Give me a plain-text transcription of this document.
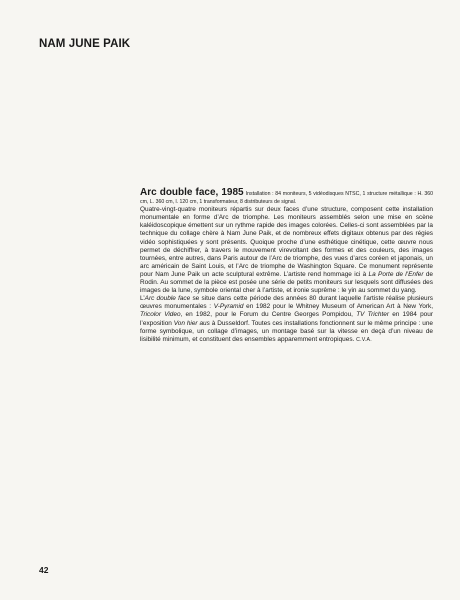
NAM JUNE PAIK

Arc double face, 1985 Installation : 84 moniteurs, 5 vidéodisques NTSC, 1 structure métallique : H. 360 cm, L. 360 cm, l. 120 cm, 1 transformateur, 8 distributeurs de signal.

Quatre-vingt-quatre moniteurs répartis sur deux faces d’une structure, composent cette installation monumentale en forme d’Arc de triomphe. Les moniteurs assemblés selon une mise en scène kaléidoscopique émettent sur un rythme rapide des images colorées. Celles-ci sont assemblées par la technique du collage chère à Nam June Paik, et de nombreux effets digitaux obtenus par des régies vidéo sophistiquées y sont présents. Quoique proche d’une esthétique cinétique, cette œuvre nous permet de déchiffrer, à travers le mouvement virevoltant des formes et des couleurs, des images tournées, entre autres, dans Paris autour de l’Arc de triomphe, des vues d’arcs coréen et japonais, un arc américain de Saint Louis, et l’Arc de triomphe de Washington Square. Ce monument représente pour Nam June Paik un acte sculptural extrême. L’artiste rend hommage ici à La Porte de l’Enfer de Rodin. Au sommet de la pièce est posée une série de petits moniteurs sur lesquels sont diffusées des images de la lune, symbole oriental cher à l’artiste, et ironie suprême : le yin au sommet du yang.

L’Arc double face se situe dans cette période des années 80 durant laquelle l’artiste réalise plusieurs œuvres monumentales : V-Pyramid en 1982 pour le Whitney Museum of American Art à New York, Tricolor Video, en 1982, pour le Forum du Centre Georges Pompidou, TV Trichter en 1984 pour l’exposition Von hier aus à Dusseldorf. Toutes ces installations fonctionnent sur le même principe : une forme symbolique, un collage d’images, un montage basé sur la vitesse en deçà d’un niveau de lisibilité minimum, et constituent des ensembles apparemment entropiques. C.V.A.

42
